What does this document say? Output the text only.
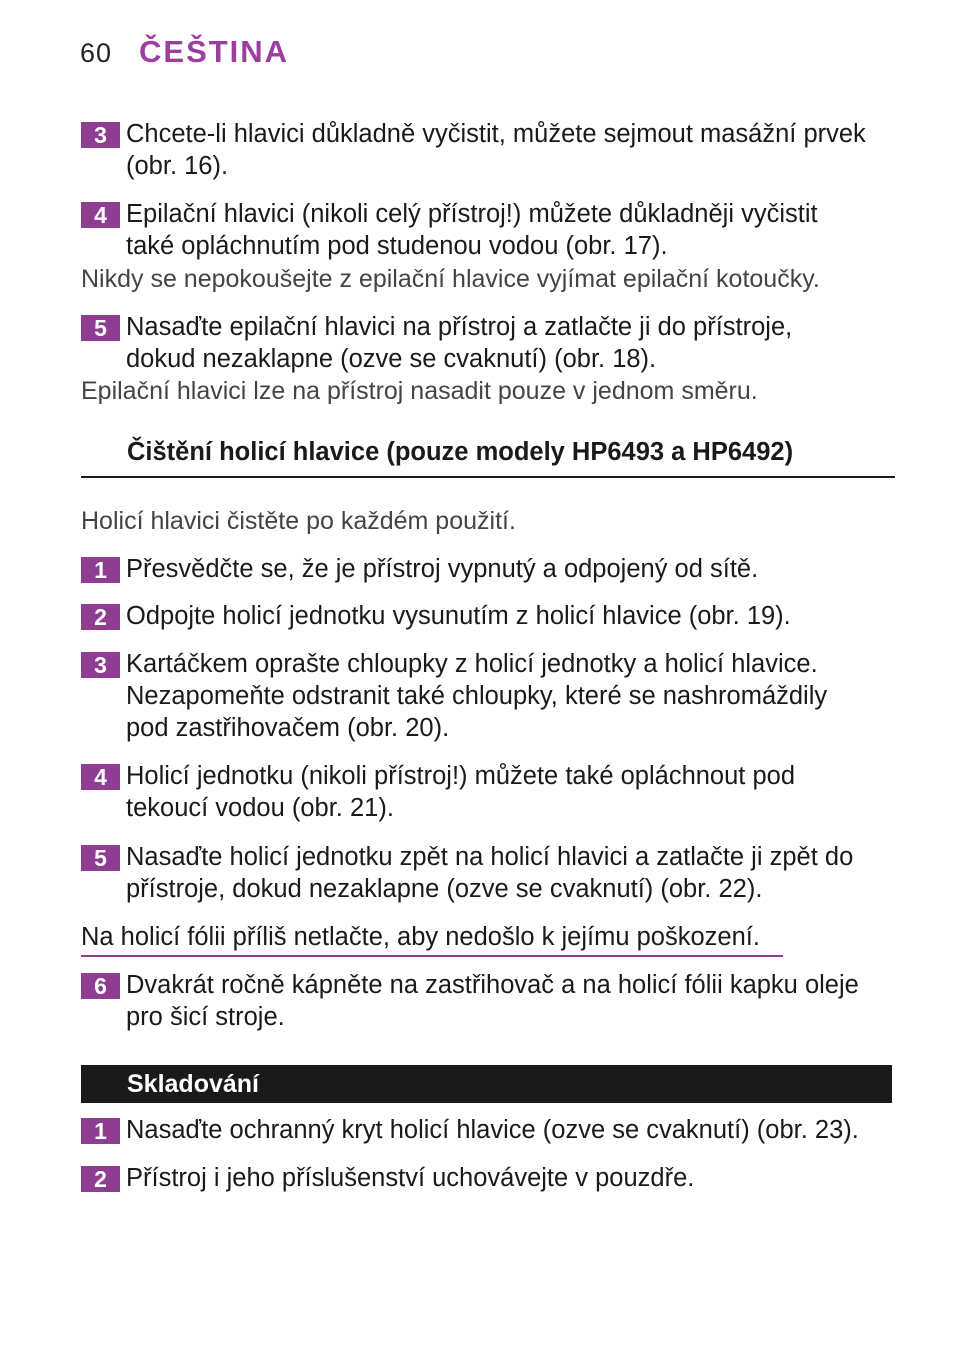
60 ČEŠTINA
3 Chcete-li hlavici důkladně vyčistit, můžete sejmout masážní prvek
(obr. 16).
4 Epilační hlavici (nikoli celý přístroj!) můžete důkladněji vyčistit
také opláchnutím pod studenou vodou (obr. 17).
Nikdy se nepokoušejte z epilační hlavice vyjímat epilační kotoučky.
5 Nasaďte epilační hlavici na přístroj a zatlačte ji do přístroje,
dokud nezaklapne (ozve se cvaknutí) (obr. 18).
Epilační hlavici lze na přístroj nasadit pouze v jednom směru.
Čištění holicí hlavice (pouze modely HP6493 a HP6492)
Holicí hlavici čistěte po každém použití.
1 Přesvědčte se, že je přístroj vypnutý a odpojený od sítě.
2 Odpojte holicí jednotku vysunutím z holicí hlavice (obr. 19).
3 Kartáčkem oprašte chloupky z holicí jednotky a holicí hlavice.
Nezapomeňte odstranit také chloupky, které se nashromáždily
pod zastřihovačem (obr. 20).
4 Holicí jednotku (nikoli přístroj!) můžete také opláchnout pod
tekoucí vodou (obr. 21).
5 Nasaďte holicí jednotku zpět na holicí hlavici a zatlačte ji zpět do
přístroje, dokud nezaklapne (ozve se cvaknutí) (obr. 22).
Na holicí fólii příliš netlačte, aby nedošlo k jejímu poškození.
6 Dvakrát ročně kápněte na zastřihovač a na holicí fólii kapku oleje
pro šicí stroje.
Skladování
1 Nasaďte ochranný kryt holicí hlavice (ozve se cvaknutí) (obr. 23).
2 Přístroj i jeho příslušenství uchovávejte v pouzdře.
